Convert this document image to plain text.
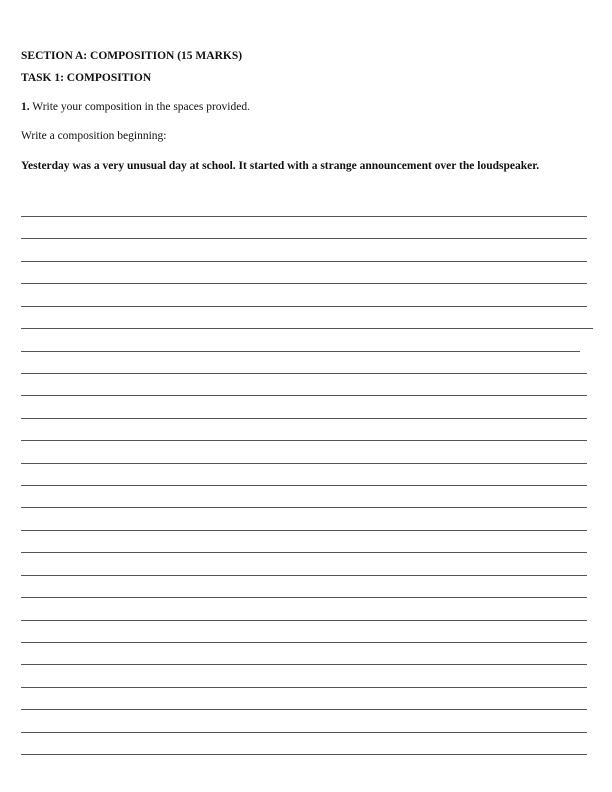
SECTION A: COMPOSITION (15 MARKS)
TASK 1: COMPOSITION
1. Write your composition in the spaces provided.
Write a composition beginning:
Yesterday was a very unusual day at school. It started with a strange announcement over the loudspeaker.
